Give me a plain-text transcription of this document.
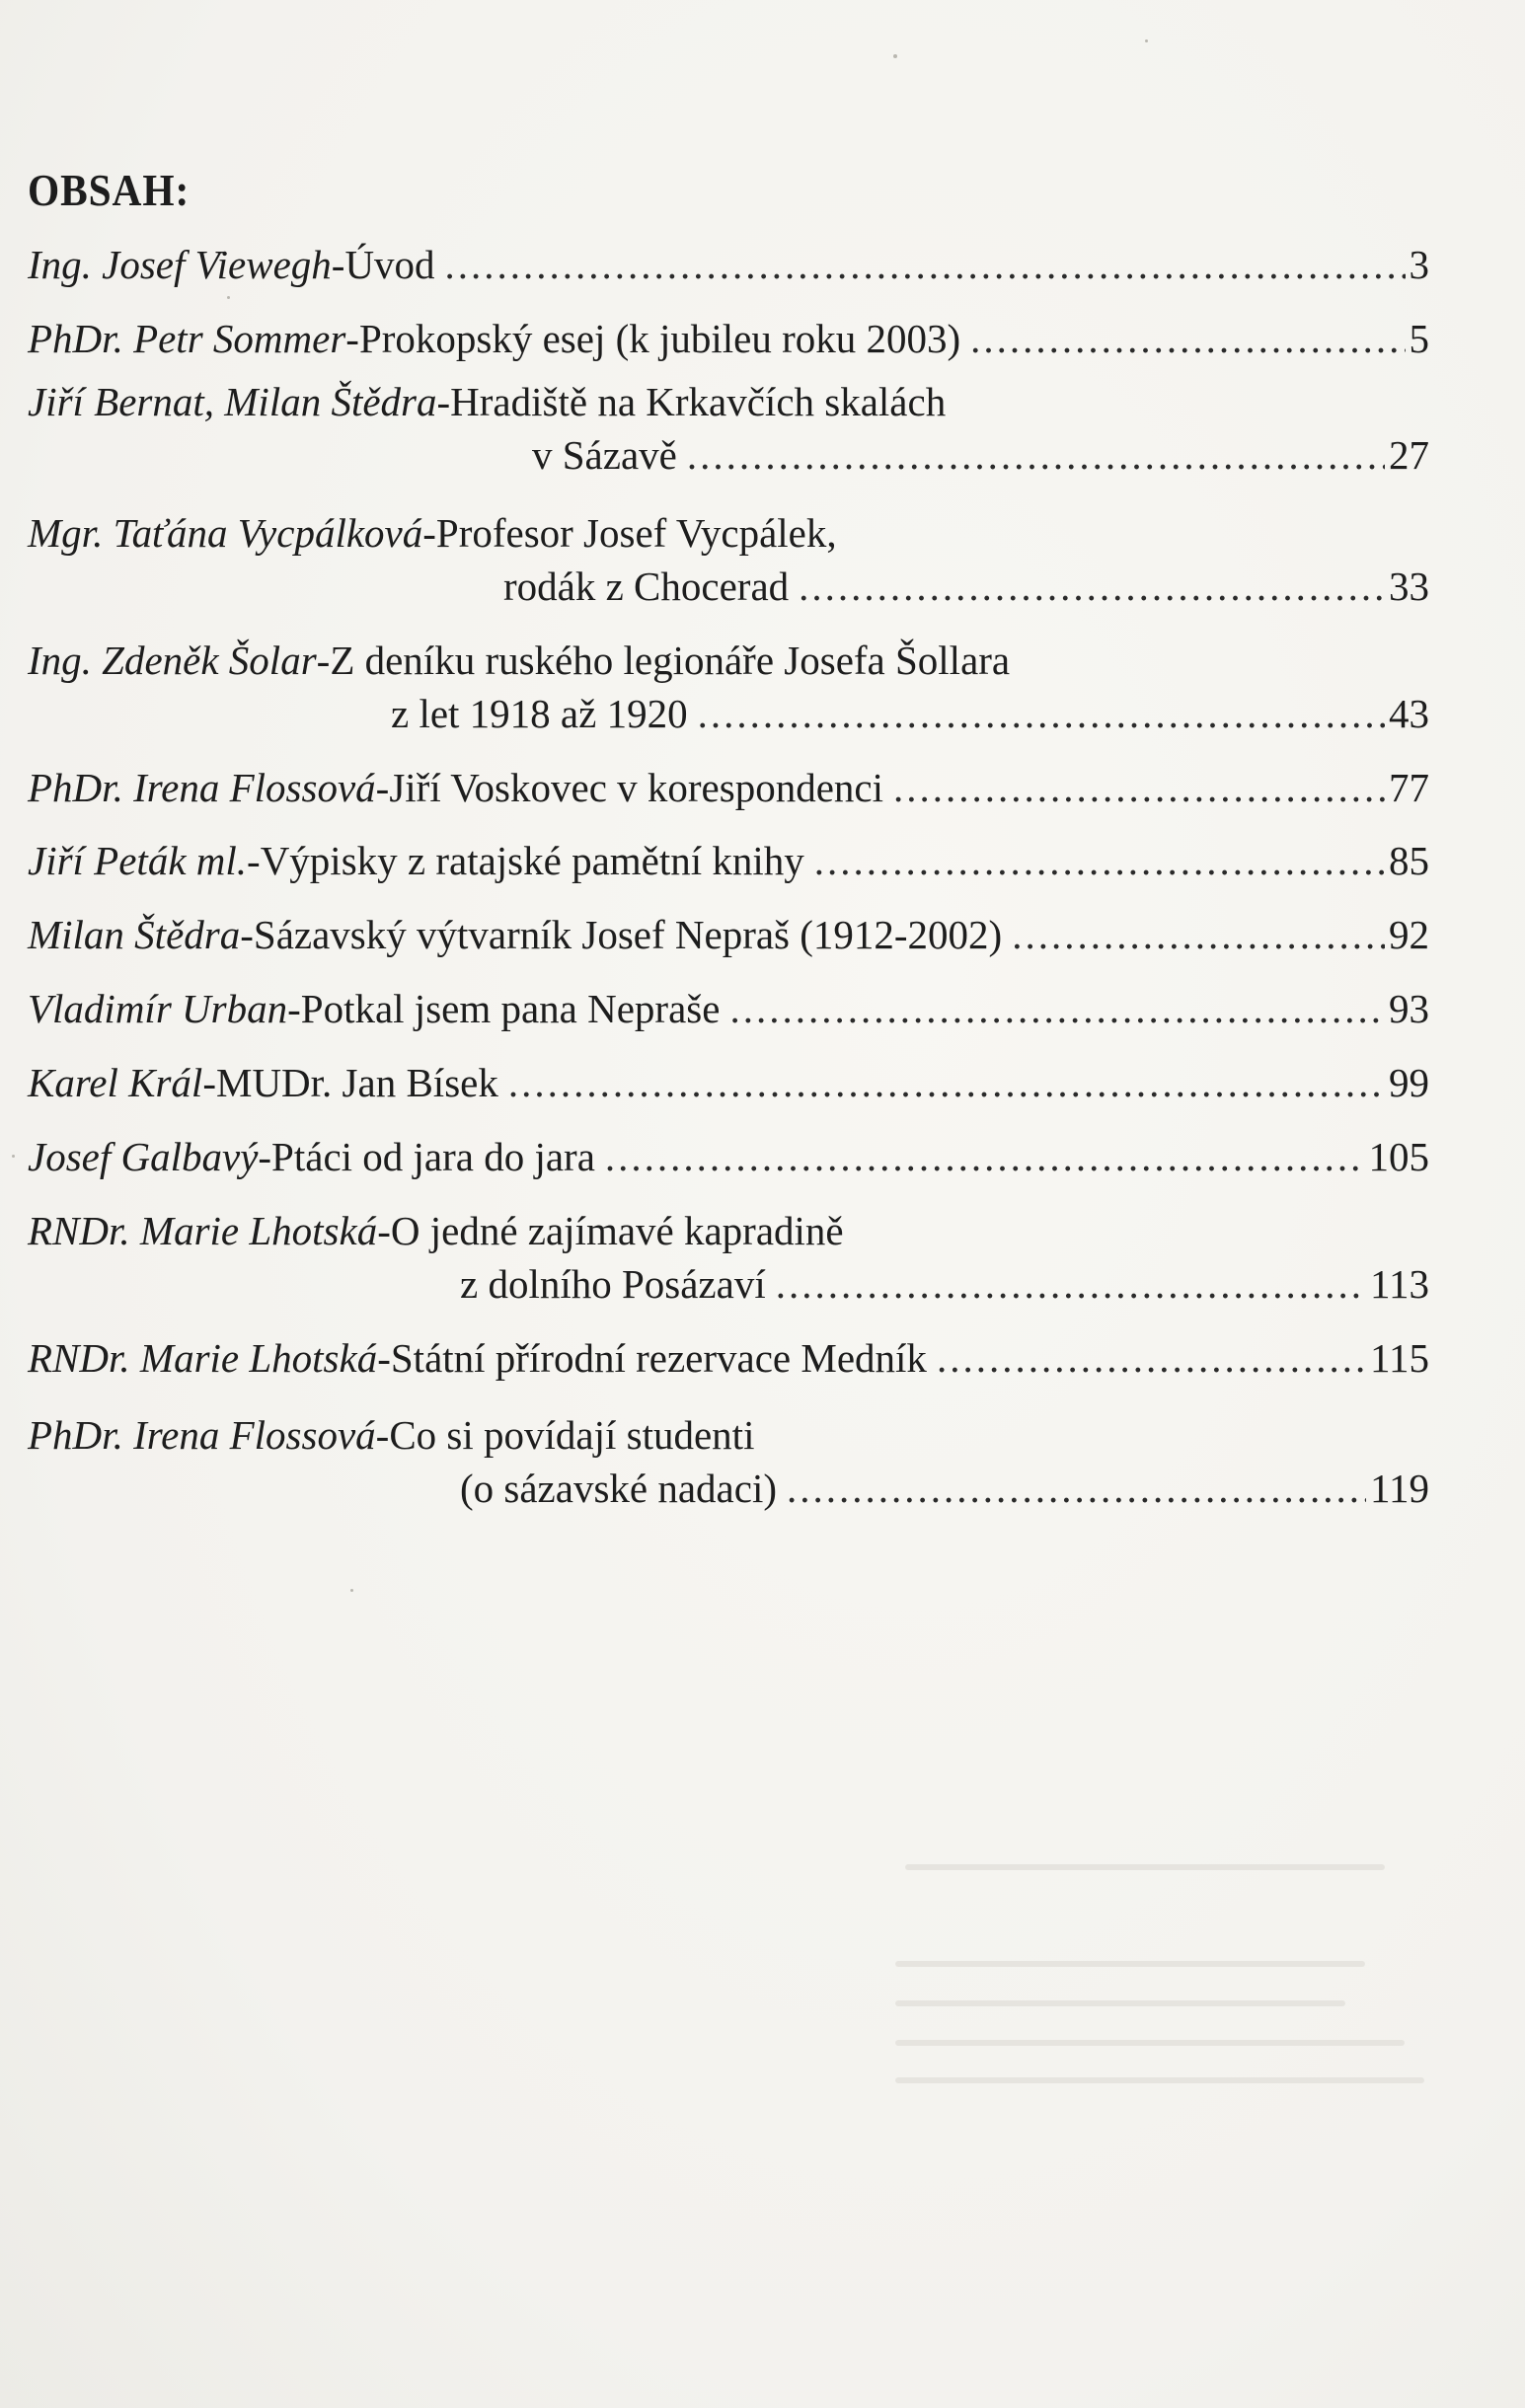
OBSAH:
Ing. Josef Viewegh - Úvod .....	3
PhDr. Petr Sommer - Prokopský esej (k jubileu roku 2003) .....	5
Jiří Bernat, Milan Štědra - Hradiště na Krkavčích skalách
v Sázavě .....	27
Mgr. Taťána Vycpálková - Profesor Josef Vycpálek,
rodák z Chocerad .....	33
Ing. Zdeněk Šolar - Z deníku ruského legionáře Josefa Šollara
z let 1918 až 1920 .....	43
PhDr. Irena Flossová - Jiří Voskovec v korespondenci .....	77
Jiří Peták ml. - Výpisky z ratajské pamětní knihy .....	85
Milan Štědra - Sázavský výtvarník Josef Nepraš (1912-2002) .....	92
Vladimír Urban - Potkal jsem pana Nepraše .....	93
Karel Král - MUDr. Jan Bísek .....	99
Josef Galbavý - Ptáci od jara do jara .....	105
RNDr. Marie Lhotská - O jedné zajímavé kapradině
z dolního Posázaví .....	113
RNDr. Marie Lhotská - Státní přírodní rezervace Medník .....	115
PhDr. Irena Flossová - Co si povídají studenti
(o sázavské nadaci) .....	119
